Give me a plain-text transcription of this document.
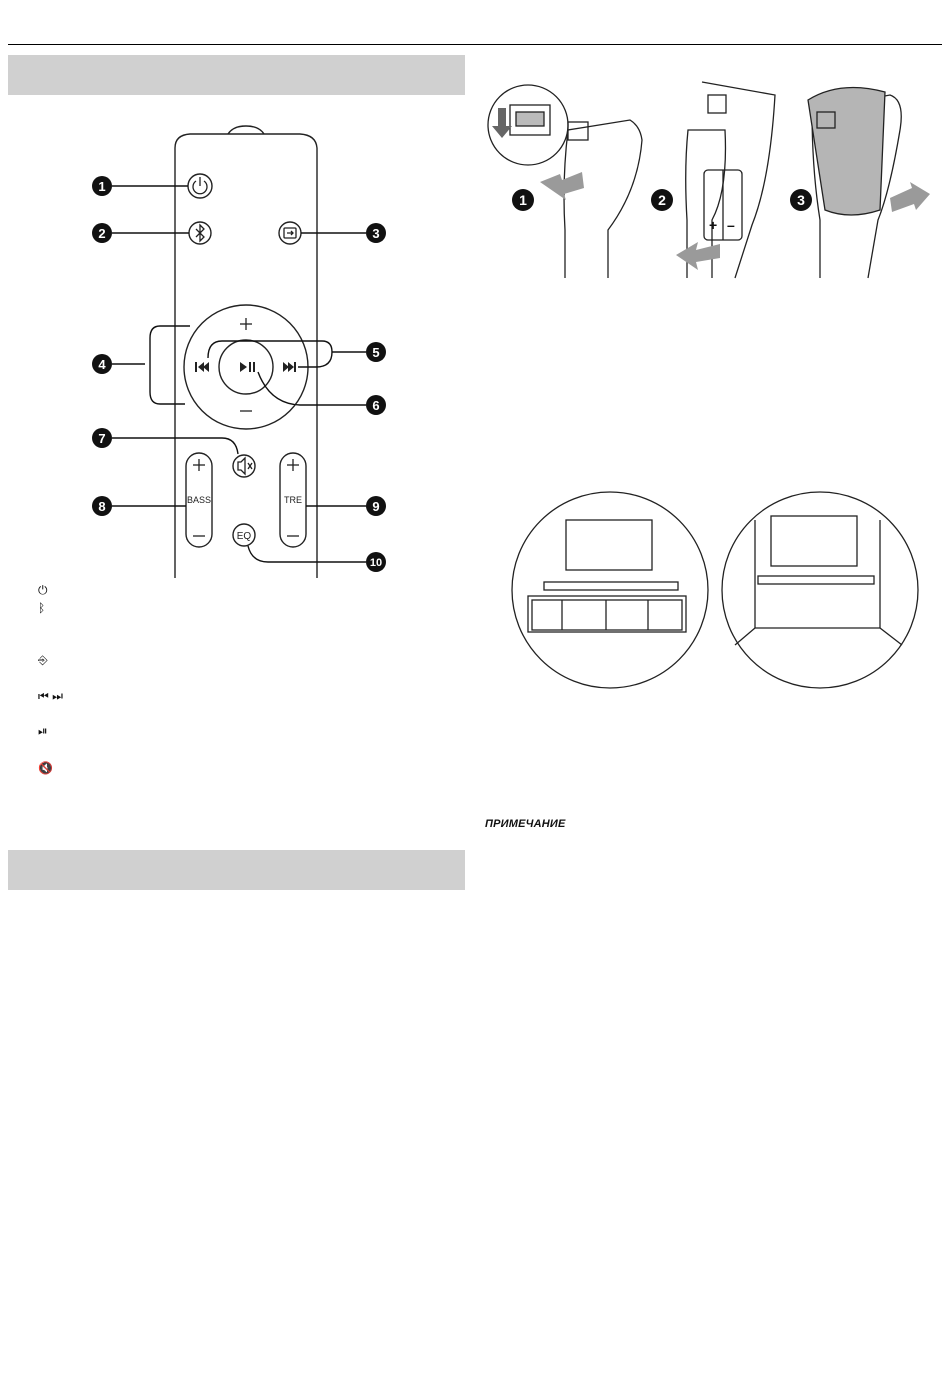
BASS	TRE
EQ
1
2	3
4
5
6
7
8	9
10
⏻
ᛒ
⎆
⏮ ⏭
⏯
🔇
1	2	3
+ –
ПРИМЕЧАНИЕ
